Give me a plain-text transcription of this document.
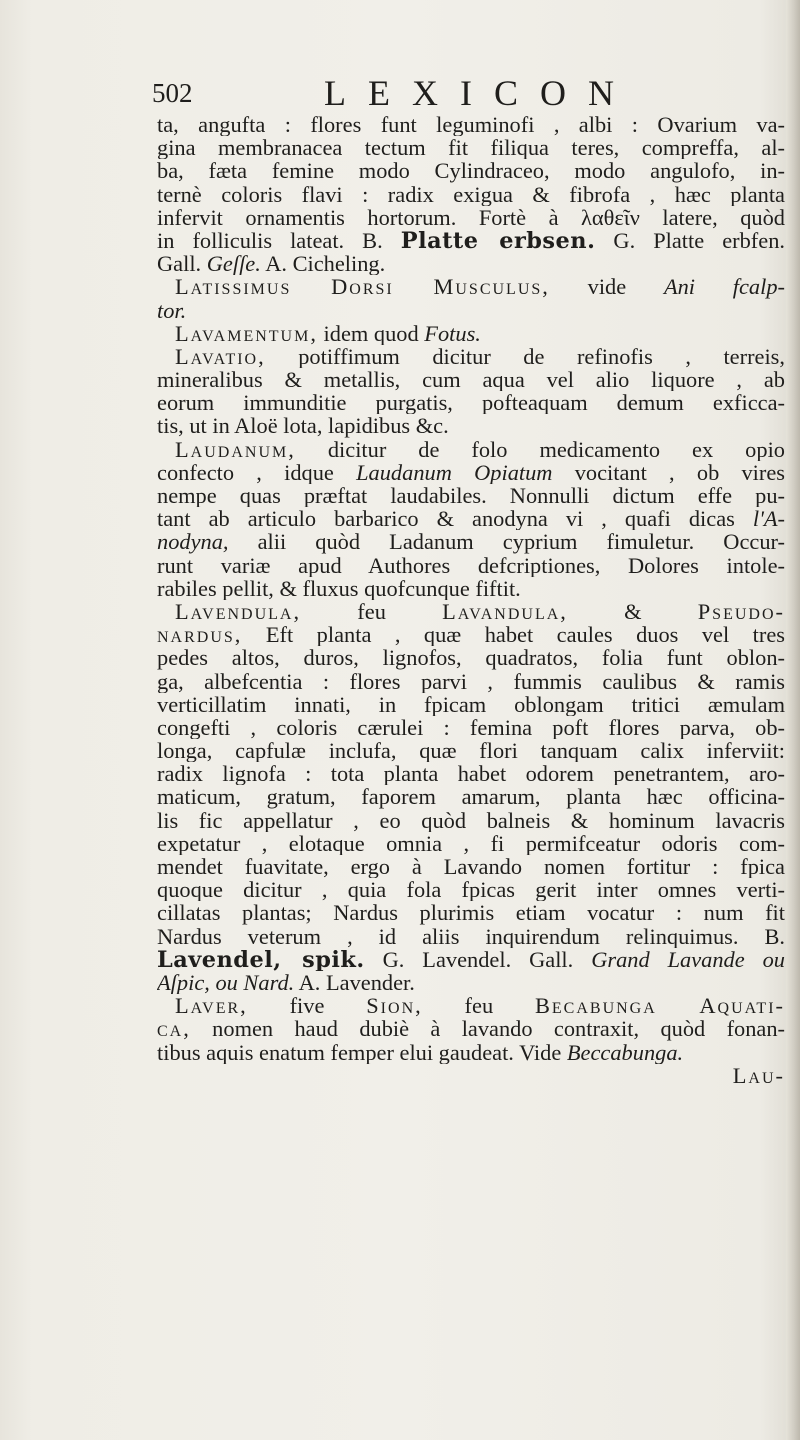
502	LEXICON
ta, angufta : flores funt leguminofi , albi : Ovarium va-
gina membranacea tectum fit filiqua teres, compreffa, al-
ba, fæta femine modo Cylindraceo, modo angulofo, in-
ternè coloris flavi : radix exigua & fibrofa , hæc planta
infervit ornamentis hortorum. Fortè à λαθεῖν latere, quòd
in folliculis lateat. B. Platte erbsen. G. Platte erbfen.
Gall. Geſſe. A. Cicheling.
Latissimus Dorsi Musculus, vide Ani fcalp-
tor.
Lavamentum, idem quod Fotus.
Lavatio, potiffimum dicitur de refinofis , terreis,
mineralibus & metallis, cum aqua vel alio liquore , ab
eorum immunditie purgatis, pofteaquam demum exficca-
tis, ut in Aloë lota, lapidibus &c.
Laudanum, dicitur de folo medicamento ex opio
confecto , idque Laudanum Opiatum vocitant , ob vires
nempe quas præftat laudabiles. Nonnulli dictum effe pu-
tant ab articulo barbarico & anodyna vi , quafi dicas l'A-
nodyna, alii quòd Ladanum cyprium fimuletur. Occur-
runt variæ apud Authores defcriptiones, Dolores intole-
rabiles pellit, & fluxus quofcunque fiftit.
Lavendula, feu Lavandula, & Pseudo-
nardus, Eft planta , quæ habet caules duos vel tres
pedes altos, duros, lignofos, quadratos, folia funt oblon-
ga, albefcentia : flores parvi , fummis caulibus & ramis
verticillatim innati, in fpicam oblongam tritici æmulam
congefti , coloris cærulei : femina poft flores parva, ob-
longa, capfulæ inclufa, quæ flori tanquam calix inferviit:
radix lignofa : tota planta habet odorem penetrantem, aro-
maticum, gratum, faporem amarum, planta hæc officina-
lis fic appellatur , eo quòd balneis & hominum lavacris
expetatur , elotaque omnia , fi permifceatur odoris com-
mendet fuavitate, ergo à Lavando nomen fortitur : fpica
quoque dicitur , quia fola fpicas gerit inter omnes verti-
cillatas plantas; Nardus plurimis etiam vocatur : num fit
Nardus veterum , id aliis inquirendum relinquimus. B.
Lavendel, spik. G. Lavendel. Gall. Grand Lavande ou
Aſpic, ou Nard. A. Lavender.
Laver, five Sion, feu Becabunga Aquati-
ca, nomen haud dubiè à lavando contraxit, quòd fonan-
tibus aquis enatum femper elui gaudeat. Vide Beccabunga.
Lau-
